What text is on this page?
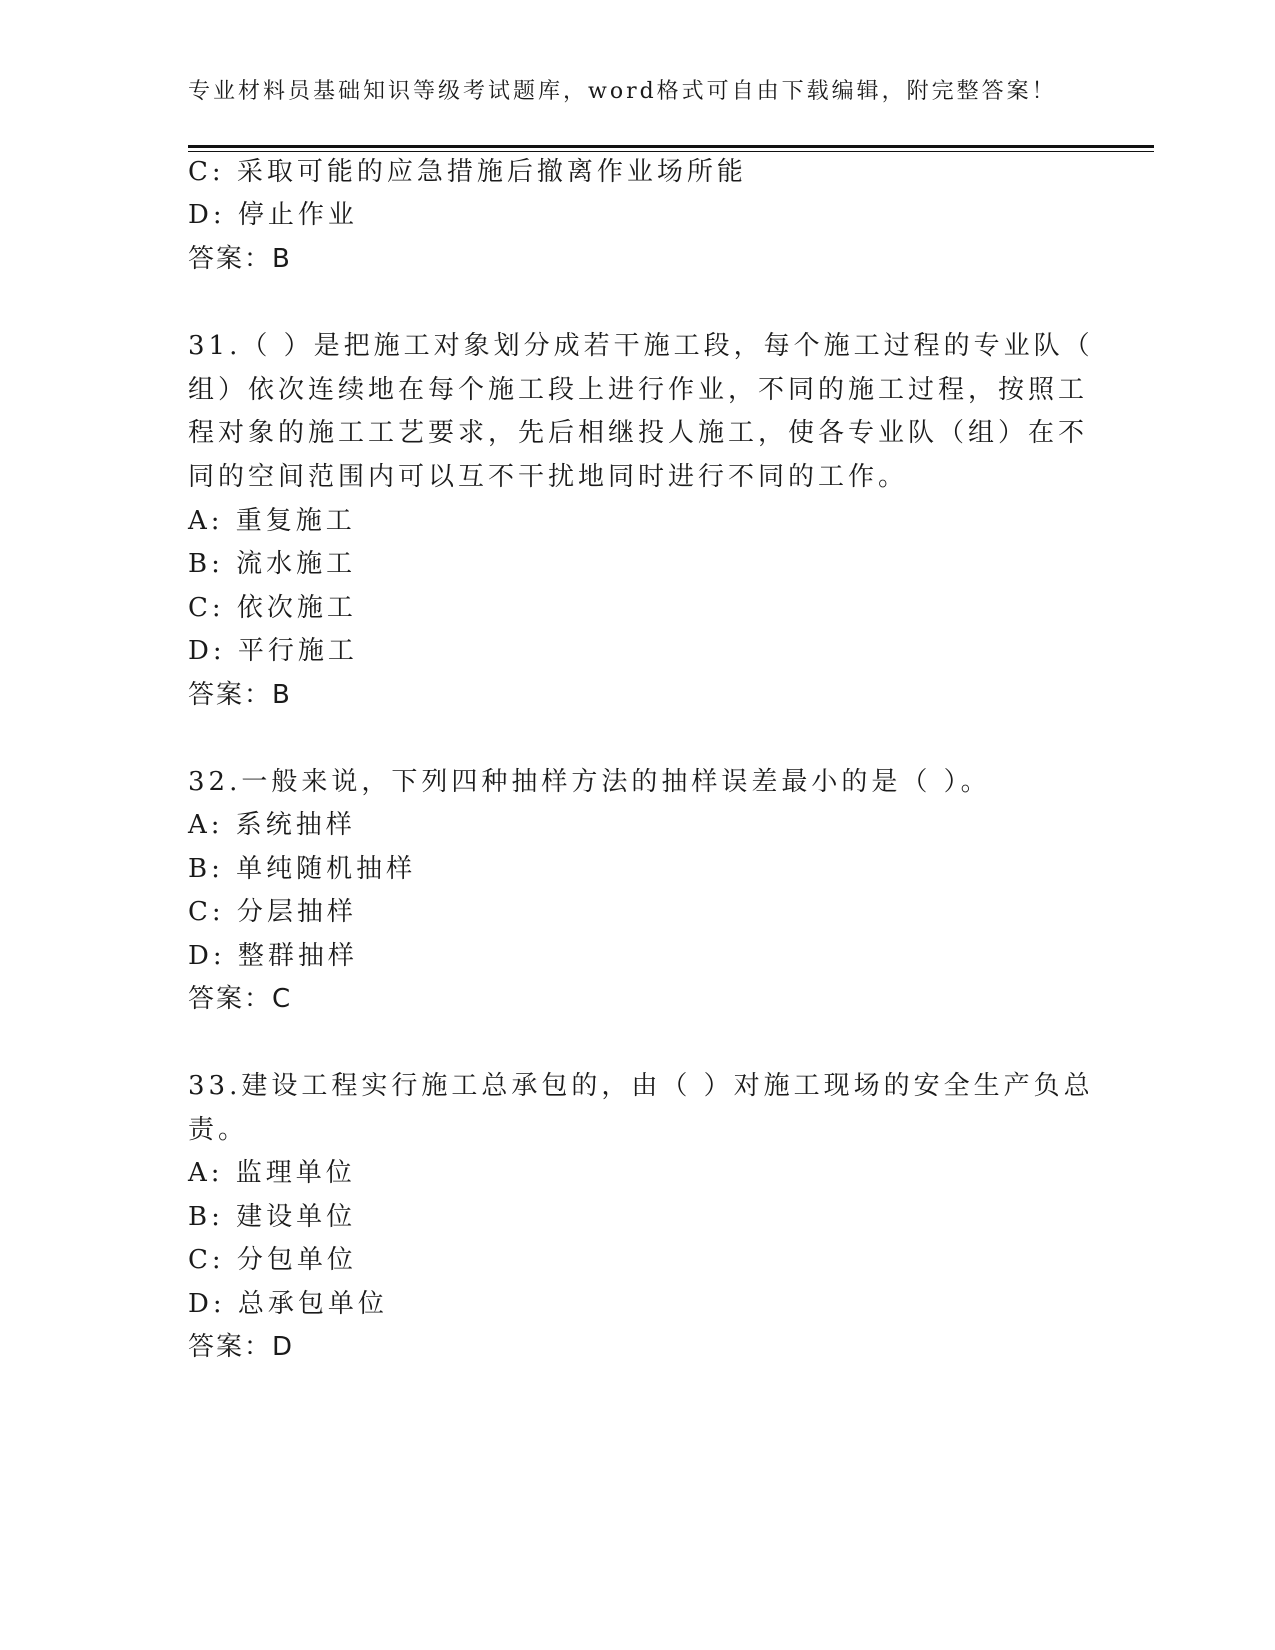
专业材料员基础知识等级考试题库，word格式可自由下载编辑，附完整答案！
C: 采取可能的应急措施后撤离作业场所能
D: 停止作业
答案：B
31.（ ）是把施工对象划分成若干施工段，每个施工过程的专业队（
组）依次连续地在每个施工段上进行作业，不同的施工过程，按照工
程对象的施工工艺要求，先后相继投人施工，使各专业队（组）在不
同的空间范围内可以互不干扰地同时进行不同的工作。
A: 重复施工
B: 流水施工
C: 依次施工
D: 平行施工
答案：B
32.一般来说，下列四种抽样方法的抽样误差最小的是（ ）。
A: 系统抽样
B: 单纯随机抽样
C: 分层抽样
D: 整群抽样
答案：C
33.建设工程实行施工总承包的，由（ ）对施工现场的安全生产负总
责。
A: 监理单位
B: 建设单位
C: 分包单位
D: 总承包单位
答案：D
